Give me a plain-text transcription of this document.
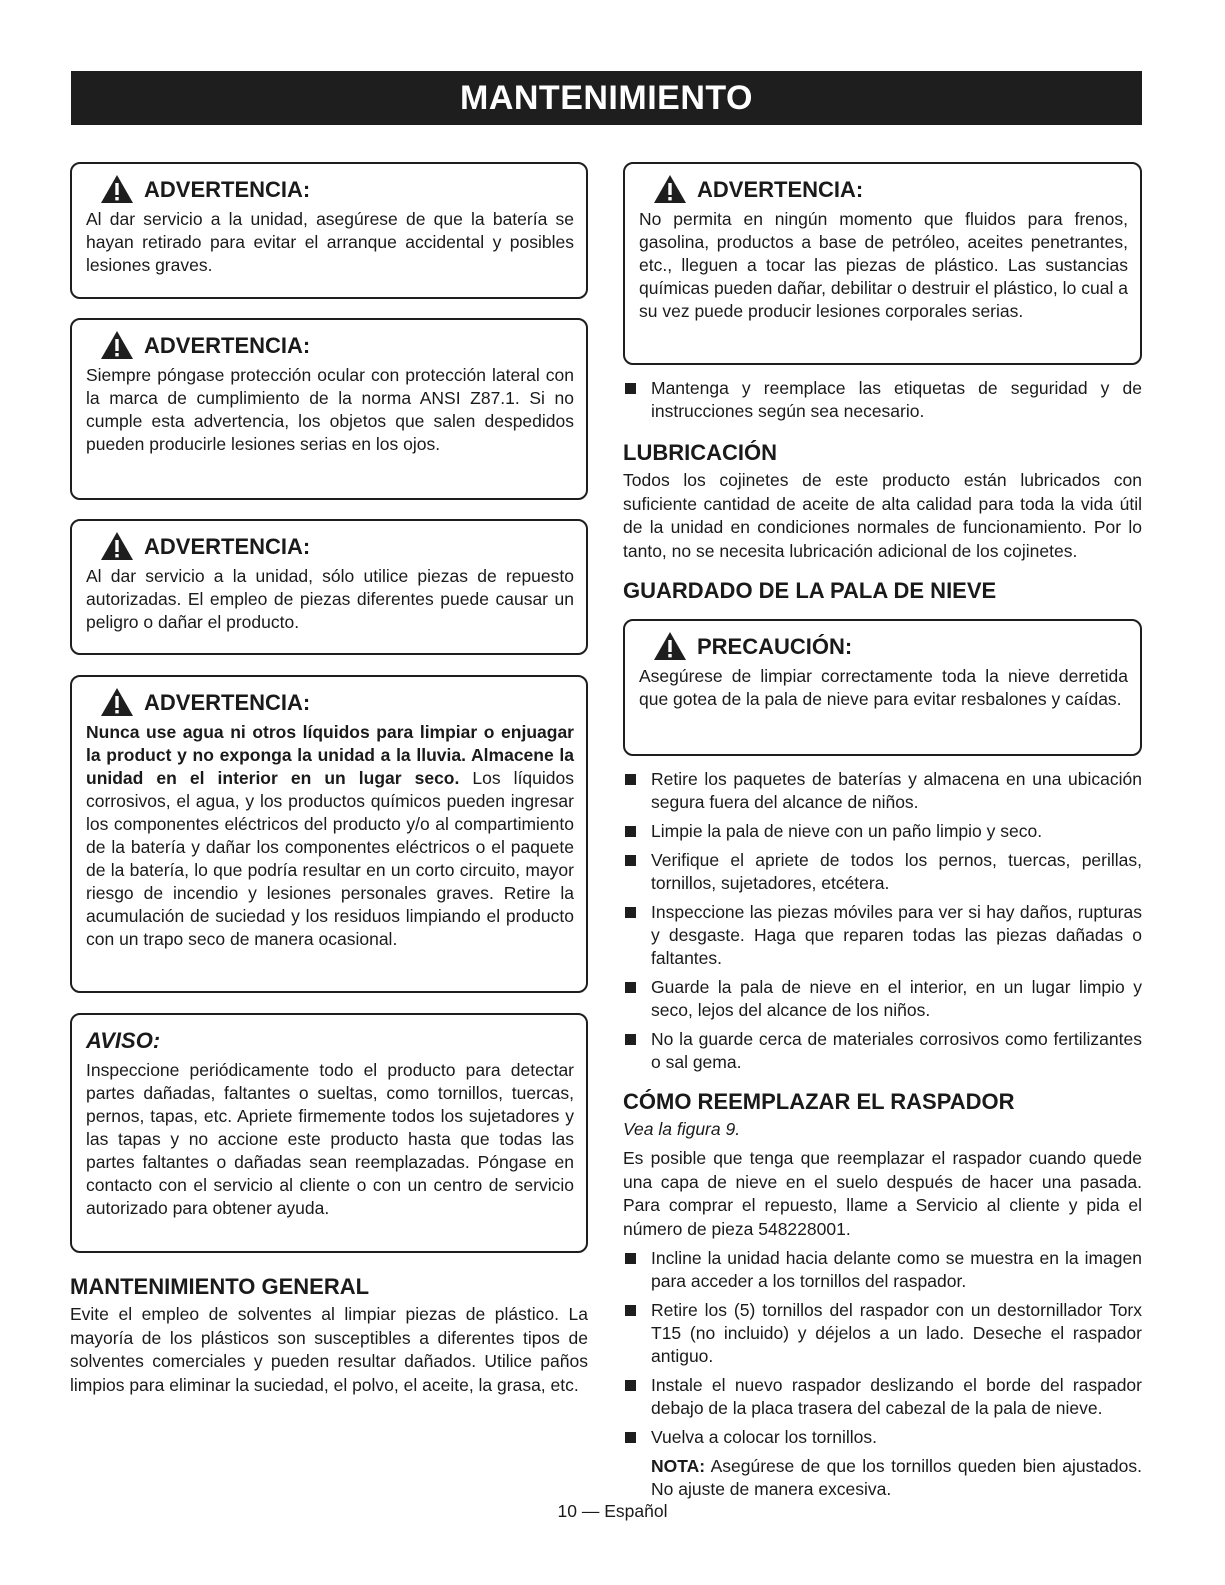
MANTENIMIENTO
ADVERTENCIA:

Al dar servicio a la unidad, asegúrese de que la batería se hayan retirado para evitar el arranque accidental y posibles lesiones graves.

ADVERTENCIA:

Siempre póngase protección ocular con protección lateral con la marca de cumplimiento de la norma ANSI Z87.1. Si no cumple esta advertencia, los objetos que salen despedidos pueden producirle lesiones serias en los ojos.

ADVERTENCIA:

Al dar servicio a la unidad, sólo utilice piezas de repuesto autorizadas. El empleo de piezas diferentes puede causar un peligro o dañar el producto.

ADVERTENCIA:

Nunca use agua ni otros líquidos para limpiar o enjuagar la product y no exponga la unidad a la lluvia. Almacene la unidad en el interior en un lugar seco. Los líquidos corrosivos, el agua, y los productos químicos pueden ingresar los componentes eléctricos del producto y/o al compartimiento de la batería y dañar los componentes eléctricos o el paquete de la batería, lo que podría resultar en un corto circuito, mayor riesgo de incendio y lesiones personales graves. Retire la acumulación de suciedad y los residuos limpiando el producto con un trapo seco de manera ocasional.

AVISO:

Inspeccione periódicamente todo el producto para detectar partes dañadas, faltantes o sueltas, como tornillos, tuercas, pernos, tapas, etc. Apriete firmemente todos los sujetadores y las tapas y no accione este producto hasta que todas las partes faltantes o dañadas sean reemplazadas. Póngase en contacto con el servicio al cliente o con un centro de servicio autorizado para obtener ayuda.

MANTENIMIENTO GENERAL

Evite el empleo de solventes al limpiar piezas de plástico. La mayoría de los plásticos son susceptibles a diferentes tipos de solventes comerciales y pueden resultar dañados. Utilice paños limpios para eliminar la suciedad, el polvo, el aceite, la grasa, etc.

ADVERTENCIA:

No permita en ningún momento que fluidos para frenos, gasolina, productos a base de petróleo, aceites penetrantes, etc., lleguen a tocar las piezas de plástico. Las sustancias químicas pueden dañar, debilitar o destruir el plástico, lo cual a su vez puede producir lesiones corporales serias.

Mantenga y reemplace las etiquetas de seguridad y de instrucciones según sea necesario.
LUBRICACIÓN

Todos los cojinetes de este producto están lubricados con suficiente cantidad de aceite de alta calidad para toda la vida útil de la unidad en condiciones normales de funcionamiento. Por lo tanto, no se necesita lubricación adicional de los cojinetes.

GUARDADO DE LA PALA DE NIEVE
PRECAUCIÓN:

Asegúrese de limpiar correctamente toda la nieve derretida que gotea de la pala de nieve para evitar resbalones y caídas.

Retire los paquetes de baterías y almacena en una ubicación segura fuera del alcance de niños.
Limpie la pala de nieve con un paño limpio y seco.
Verifique el apriete de todos los pernos, tuercas, perillas, tornillos, sujetadores, etcétera.
Inspeccione las piezas móviles para ver si hay daños, rupturas y desgaste. Haga que reparen todas las piezas dañadas o faltantes.
Guarde la pala de nieve en el interior, en un lugar limpio y seco, lejos del alcance de los niños.
No la guarde cerca de materiales corrosivos como fertilizantes o sal gema.
CÓMO REEMPLAZAR EL RASPADOR

Vea la figura 9.

Es posible que tenga que reemplazar el raspador cuando quede una capa de nieve en el suelo después de hacer una pasada. Para comprar el repuesto, llame a Servicio al cliente y pida el número de pieza 548228001.

Incline la unidad hacia delante como se muestra en la imagen para acceder a los tornillos del raspador.
Retire los (5) tornillos del raspador con un destornillador Torx T15 (no incluido) y déjelos a un lado. Deseche el raspador antiguo.
Instale el nuevo raspador deslizando el borde del raspador debajo de la placa trasera del cabezal de la pala de nieve.
Vuelva a colocar los tornillos.

NOTA: Asegúrese de que los tornillos queden bien ajustados. No ajuste de manera excesiva.

10 — Español
